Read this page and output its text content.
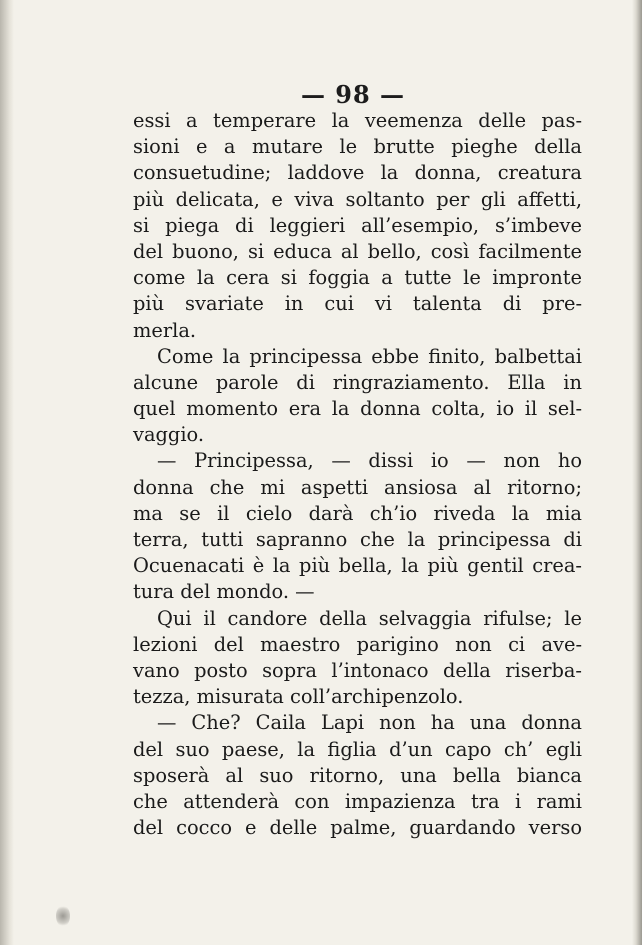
— 98 —
essi a temperare la veemenza delle pas-
sioni e a mutare le brutte pieghe della
consuetudine; laddove la donna, creatura
più delicata, e viva soltanto per gli affetti,
si piega di leggieri all’esempio, s’imbeve
del buono, si educa al bello, così facilmente
come la cera si foggia a tutte le impronte
più svariate in cui vi talenta di pre-
merla.
Come la principessa ebbe finito, balbettai
alcune parole di ringraziamento. Ella in
quel momento era la donna colta, io il sel-
vaggio.
— Principessa, — dissi io — non ho
donna che mi aspetti ansiosa al ritorno;
ma se il cielo darà ch’io riveda la mia
terra, tutti sapranno che la principessa di
Ocuenacati è la più bella, la più gentil crea-
tura del mondo. —
Qui il candore della selvaggia rifulse; le
lezioni del maestro parigino non ci ave-
vano posto sopra l’intonaco della riserba-
tezza, misurata coll’archipenzolo.
— Che? Caila Lapi non ha una donna
del suo paese, la figlia d’un capo ch’ egli
sposerà al suo ritorno, una bella bianca
che attenderà con impazienza tra i rami
del cocco e delle palme, guardando verso
